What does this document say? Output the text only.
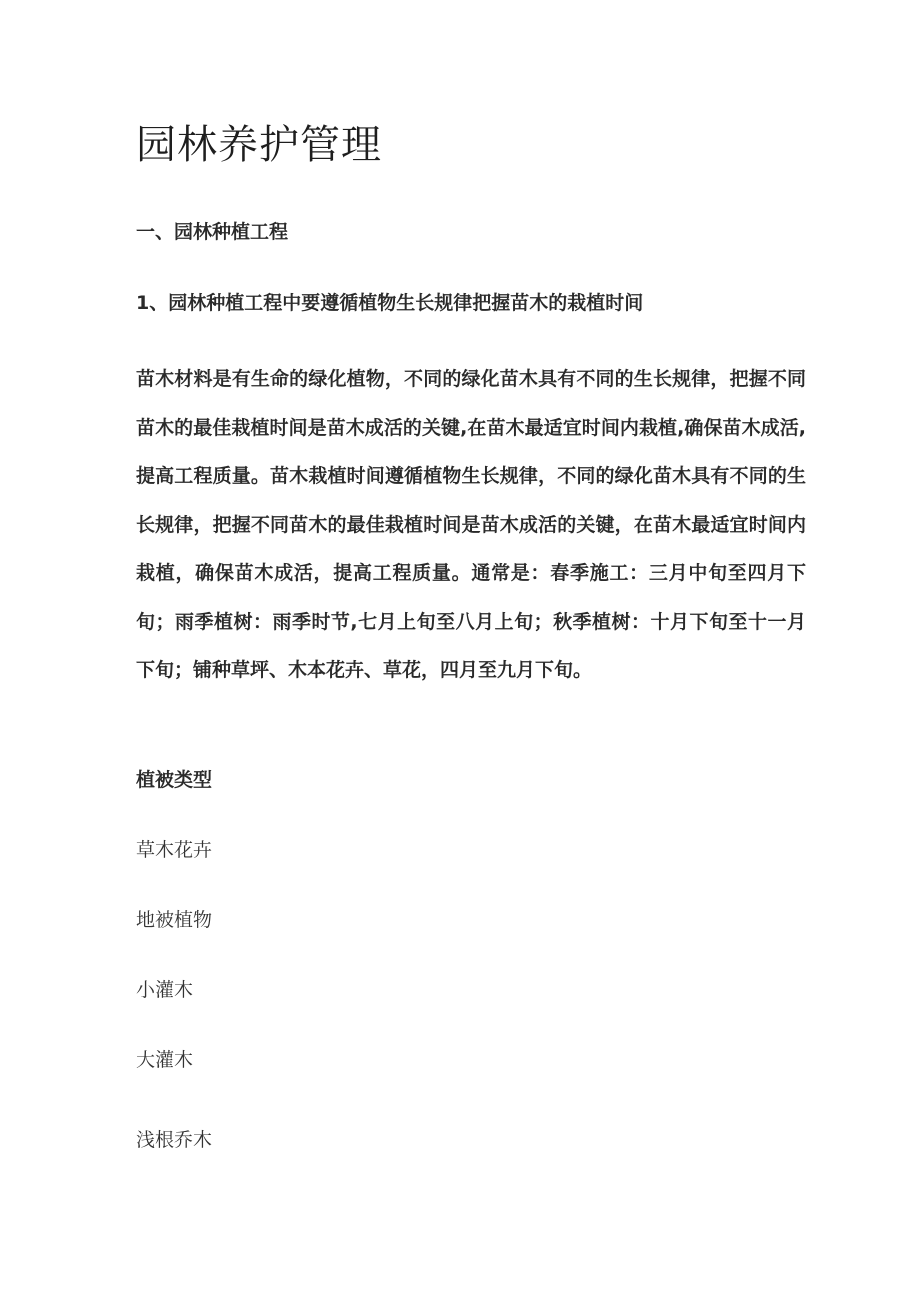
园林养护管理
一、园林种植工程
1、园林种植工程中要遵循植物生长规律把握苗木的栽植时间

苗木材料是有生命的绿化植物，不同的绿化苗木具有不同的生长规律，把握不同苗木的最佳栽植时间是苗木成活的关键,在苗木最适宜时间内栽植,确保苗木成活,提高工程质量。苗木栽植时间遵循植物生长规律，不同的绿化苗木具有不同的生长规律，把握不同苗木的最佳栽植时间是苗木成活的关键，在苗木最适宜时间内栽植，确保苗木成活，提高工程质量。通常是：春季施工：三月中旬至四月下旬；雨季植树：雨季时节,七月上旬至八月上旬；秋季植树：十月下旬至十一月下旬；铺种草坪、木本花卉、草花，四月至九月下旬。

植被类型

草木花卉

地被植物

小灌木

大灌木

浅根乔木
